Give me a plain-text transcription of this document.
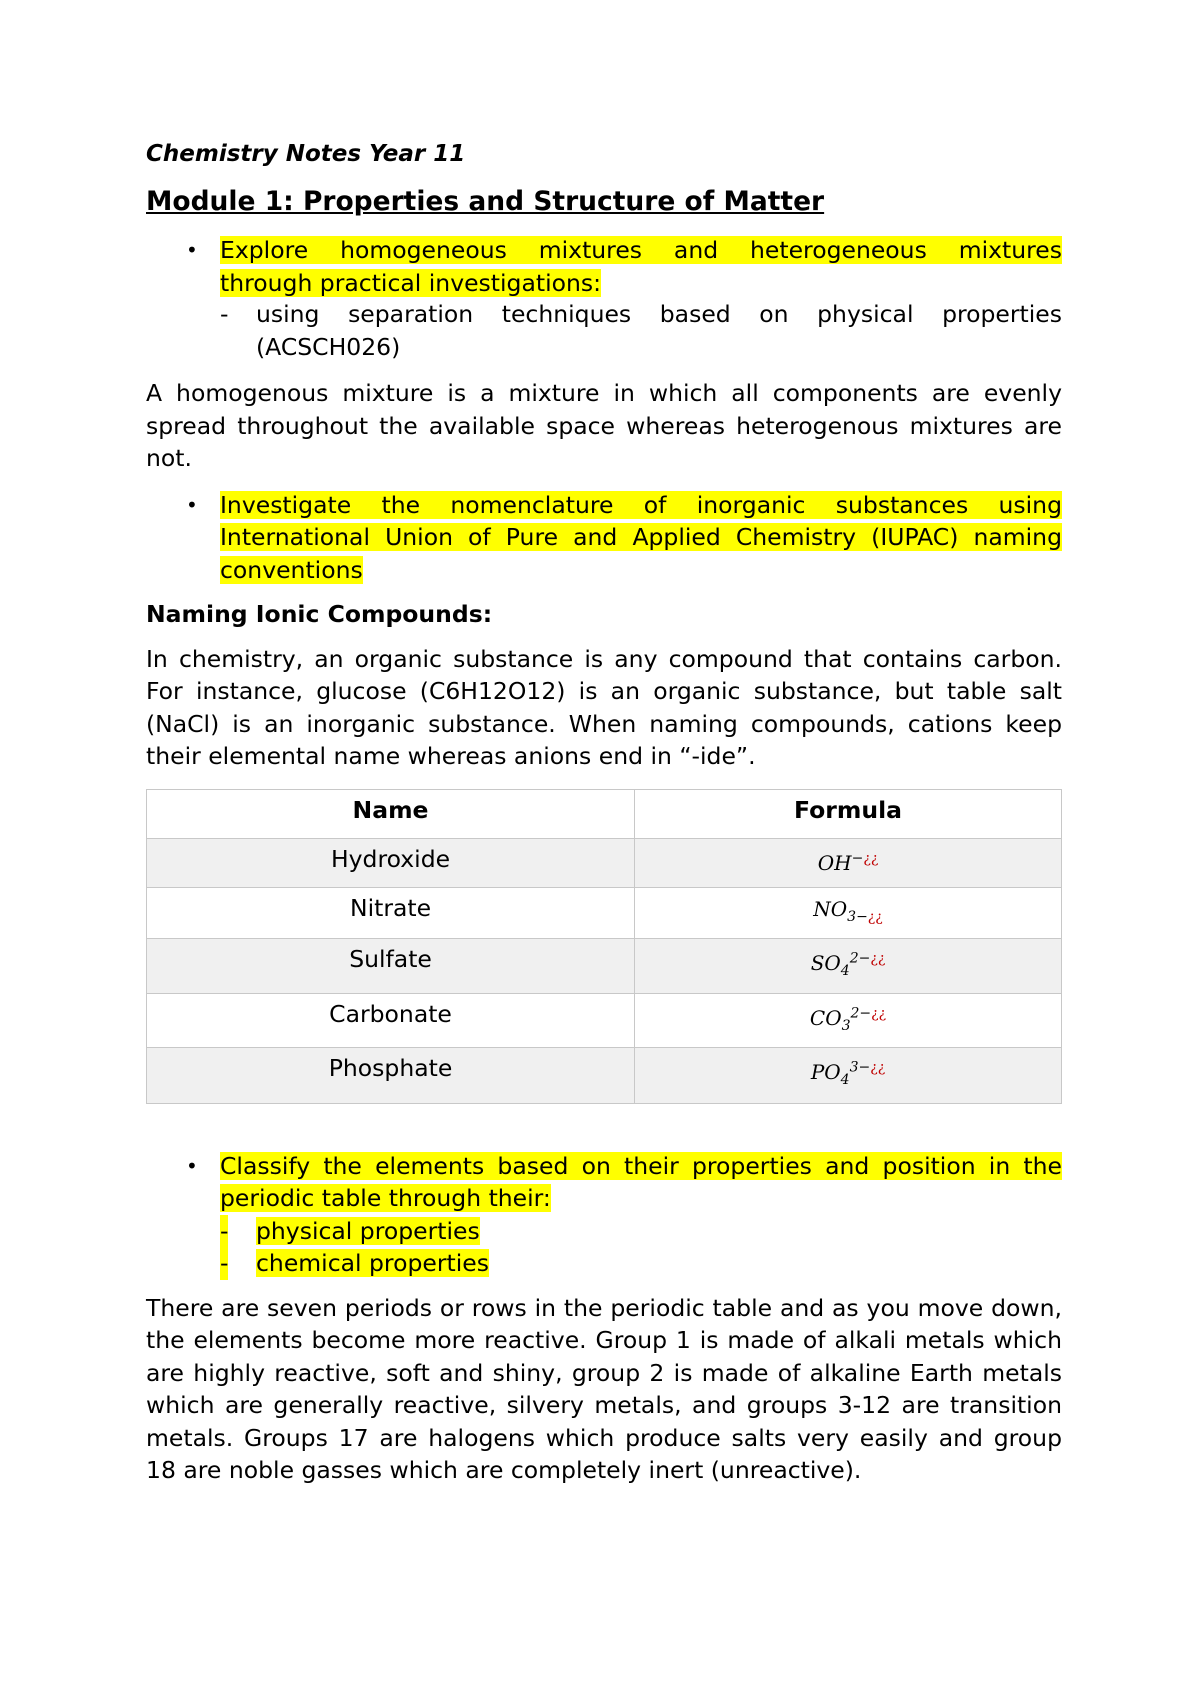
Chemistry Notes Year 11
Module 1: Properties and Structure of Matter
• Explore homogeneous mixtures and heterogeneous mixtures
through practical investigations:
- using separation techniques based on physical properties
(ACSCH026)

A homogenous mixture is a mixture in which all components are evenly spread throughout the available space whereas heterogenous mixtures are not.

• Investigate the nomenclature of inorganic substances using
International Union of Pure and Applied Chemistry (IUPAC) naming
conventions

Naming Ionic Compounds:

In chemistry, an organic substance is any compound that contains carbon. For instance, glucose (C6H12O12) is an organic substance, but table salt (NaCl) is an inorganic substance. When naming compounds, cations keep their elemental name whereas anions end in “-ide”.

Name	Formula
Hydroxide	OH−¿¿
Nitrate	$NO_{3-¿¿}$
Sulfate	$SO_4^{2-¿¿}$
Carbonate	$CO_3^{2-¿¿}$
Phosphate	$PO_4^{3-¿¿}$
• Classify the elements based on their properties and position in the
periodic table through their:
- physical properties
- chemical properties

There are seven periods or rows in the periodic table and as you move down, the elements become more reactive. Group 1 is made of alkali metals which are highly reactive, soft and shiny, group 2 is made of alkaline Earth metals which are generally reactive, silvery metals, and groups 3-12 are transition metals. Groups 17 are halogens which produce salts very easily and group 18 are noble gasses which are completely inert (unreactive).
